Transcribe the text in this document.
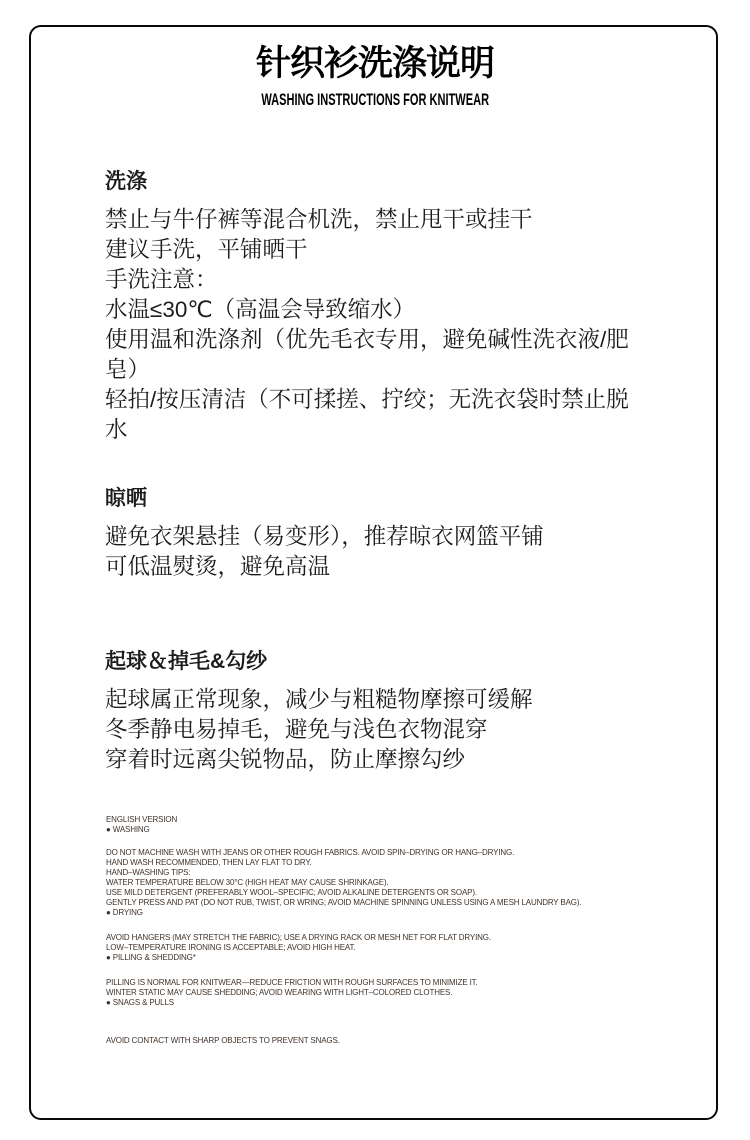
针织衫洗涤说明
WASHING INSTRUCTIONS FOR KNITWEAR
洗涤
禁止与牛仔裤等混合机洗，禁止甩干或挂干
建议手洗，平铺晒干
手洗注意：
水温≤30℃（高温会导致缩水）
使用温和洗涤剂（优先毛衣专用，避免碱性洗衣液/肥皂）
轻拍/按压清洁（不可揉搓、拧绞；无洗衣袋时禁止脱水
晾晒
避免衣架悬挂（易变形），推荐晾衣网篮平铺
可低温熨烫，避免高温
起球＆掉毛&勾纱
起球属正常现象，减少与粗糙物摩擦可缓解
冬季静电易掉毛，避免与浅色衣物混穿
穿着时远离尖锐物品，防止摩擦勾纱
ENGLISH VERSION
● WASHING
DO NOT MACHINE WASH WITH JEANS OR OTHER ROUGH FABRICS. AVOID SPIN–DRYING OR HANG–DRYING.
HAND WASH RECOMMENDED, THEN LAY FLAT TO DRY.
HAND–WASHING TIPS:
WATER TEMPERATURE BELOW 30°C (HIGH HEAT MAY CAUSE SHRINKAGE).
USE MILD DETERGENT (PREFERABLY WOOL–SPECIFIC; AVOID ALKALINE DETERGENTS OR SOAP).
GENTLY PRESS AND PAT (DO NOT RUB, TWIST, OR WRING; AVOID MACHINE SPINNING UNLESS USING A MESH LAUNDRY BAG).
● DRYING
AVOID HANGERS (MAY STRETCH THE FABRIC); USE A DRYING RACK OR MESH NET FOR FLAT DRYING.
LOW–TEMPERATURE IRONING IS ACCEPTABLE; AVOID HIGH HEAT.
● PILLING & SHEDDING*
PILLING IS NORMAL FOR KNITWEAR—REDUCE FRICTION WITH ROUGH SURFACES TO MINIMIZE IT.
WINTER STATIC MAY CAUSE SHEDDING; AVOID WEARING WITH LIGHT–COLORED CLOTHES.
● SNAGS & PULLS
AVOID CONTACT WITH SHARP OBJECTS TO PREVENT SNAGS.
